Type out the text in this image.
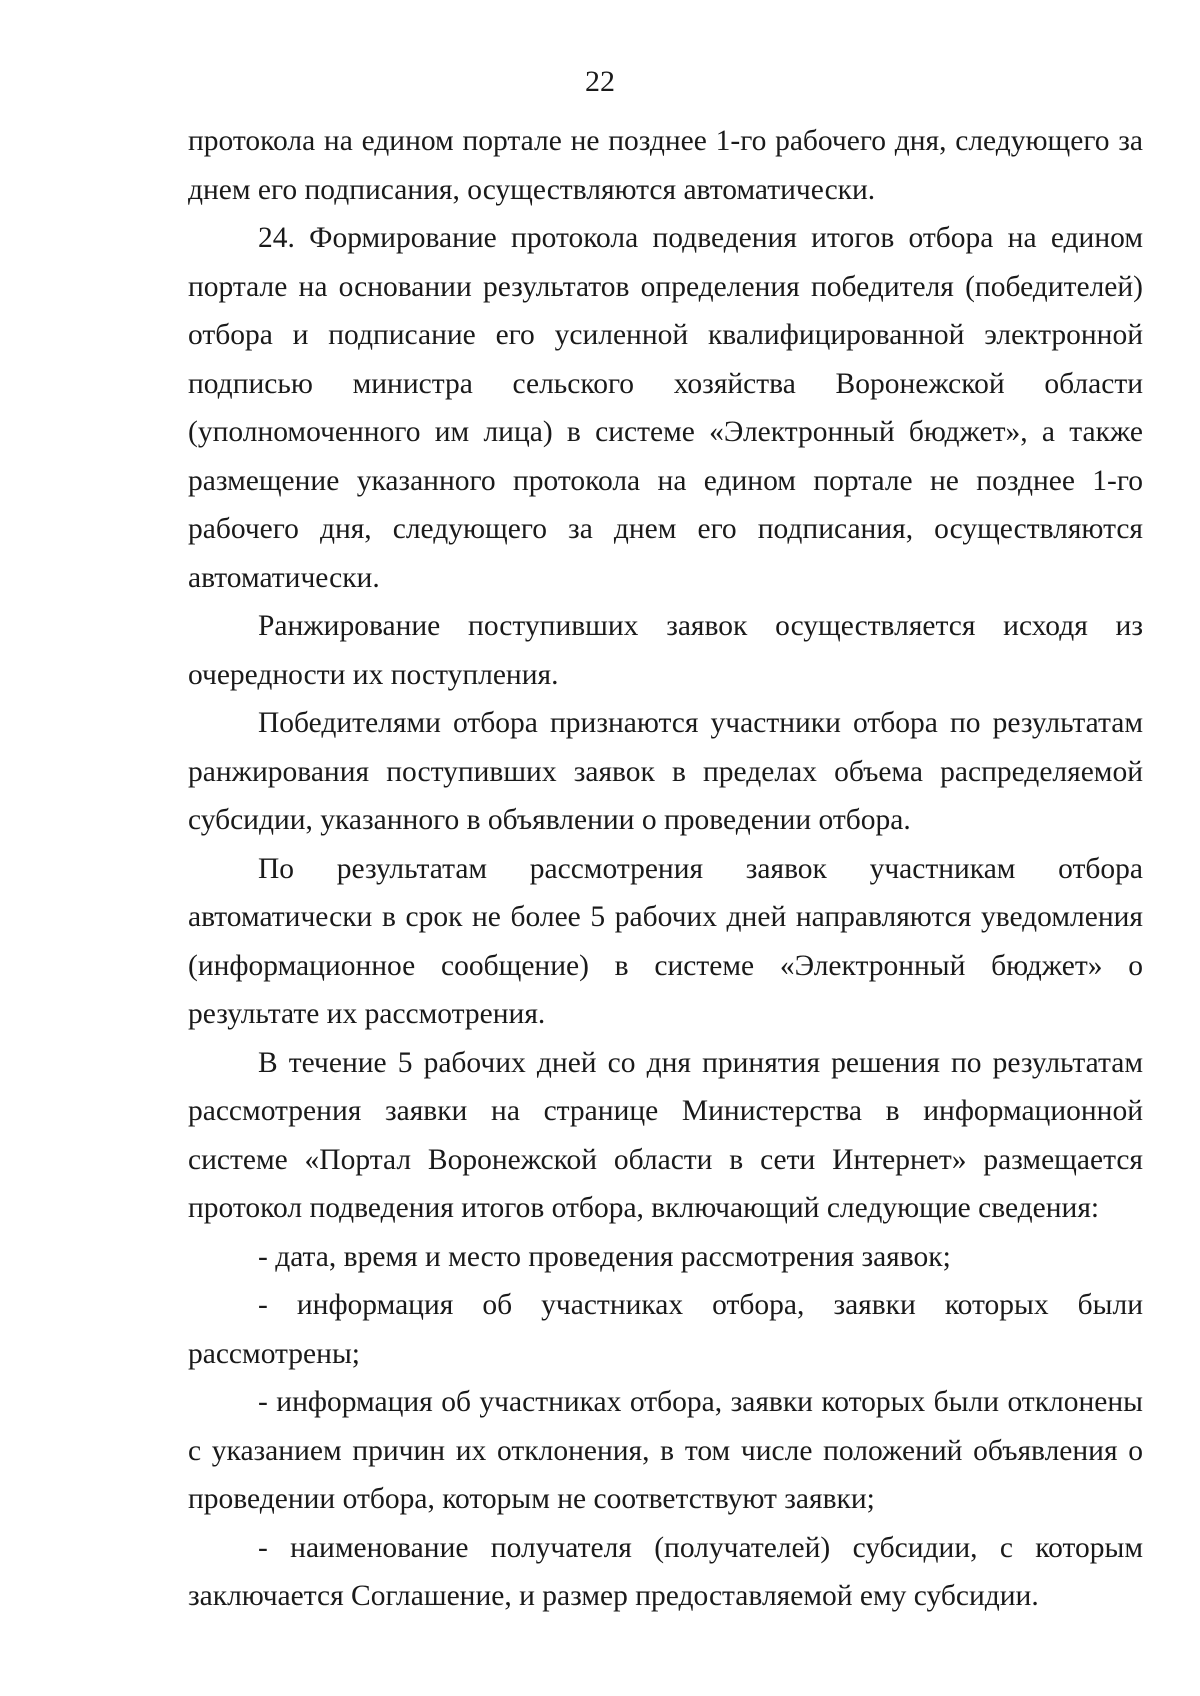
22

протокола на едином портале не позднее 1-го рабочего дня, следующего за днем его подписания, осуществляются автоматически.

24. Формирование протокола подведения итогов отбора на едином портале на основании результатов определения победителя (победителей) отбора и подписание его усиленной квалифицированной электронной подписью министра сельского хозяйства Воронежской области (уполномоченного им лица) в системе «Электронный бюджет», а также размещение указанного протокола на едином портале не позднее 1-го рабочего дня, следующего за днем его подписания, осуществляются автоматически.

Ранжирование поступивших заявок осуществляется исходя из очередности их поступления.

Победителями отбора признаются участники отбора по результатам ранжирования поступивших заявок в пределах объема распределяемой субсидии, указанного в объявлении о проведении отбора.

По результатам рассмотрения заявок участникам отбора автоматически в срок не более 5 рабочих дней направляются уведомления (информационное сообщение) в системе «Электронный бюджет» о результате их рассмотрения.

В течение 5 рабочих дней со дня принятия решения по результатам рассмотрения заявки на странице Министерства в информационной системе «Портал Воронежской области в сети Интернет» размещается протокол подведения итогов отбора, включающий следующие сведения:

- дата, время и место проведения рассмотрения заявок;

- информация об участниках отбора, заявки которых были рассмотрены;

- информация об участниках отбора, заявки которых были отклонены с указанием причин их отклонения, в том числе положений объявления о проведении отбора, которым не соответствуют заявки;

- наименование получателя (получателей) субсидии, с которым заключается Соглашение, и размер предоставляемой ему субсидии.
